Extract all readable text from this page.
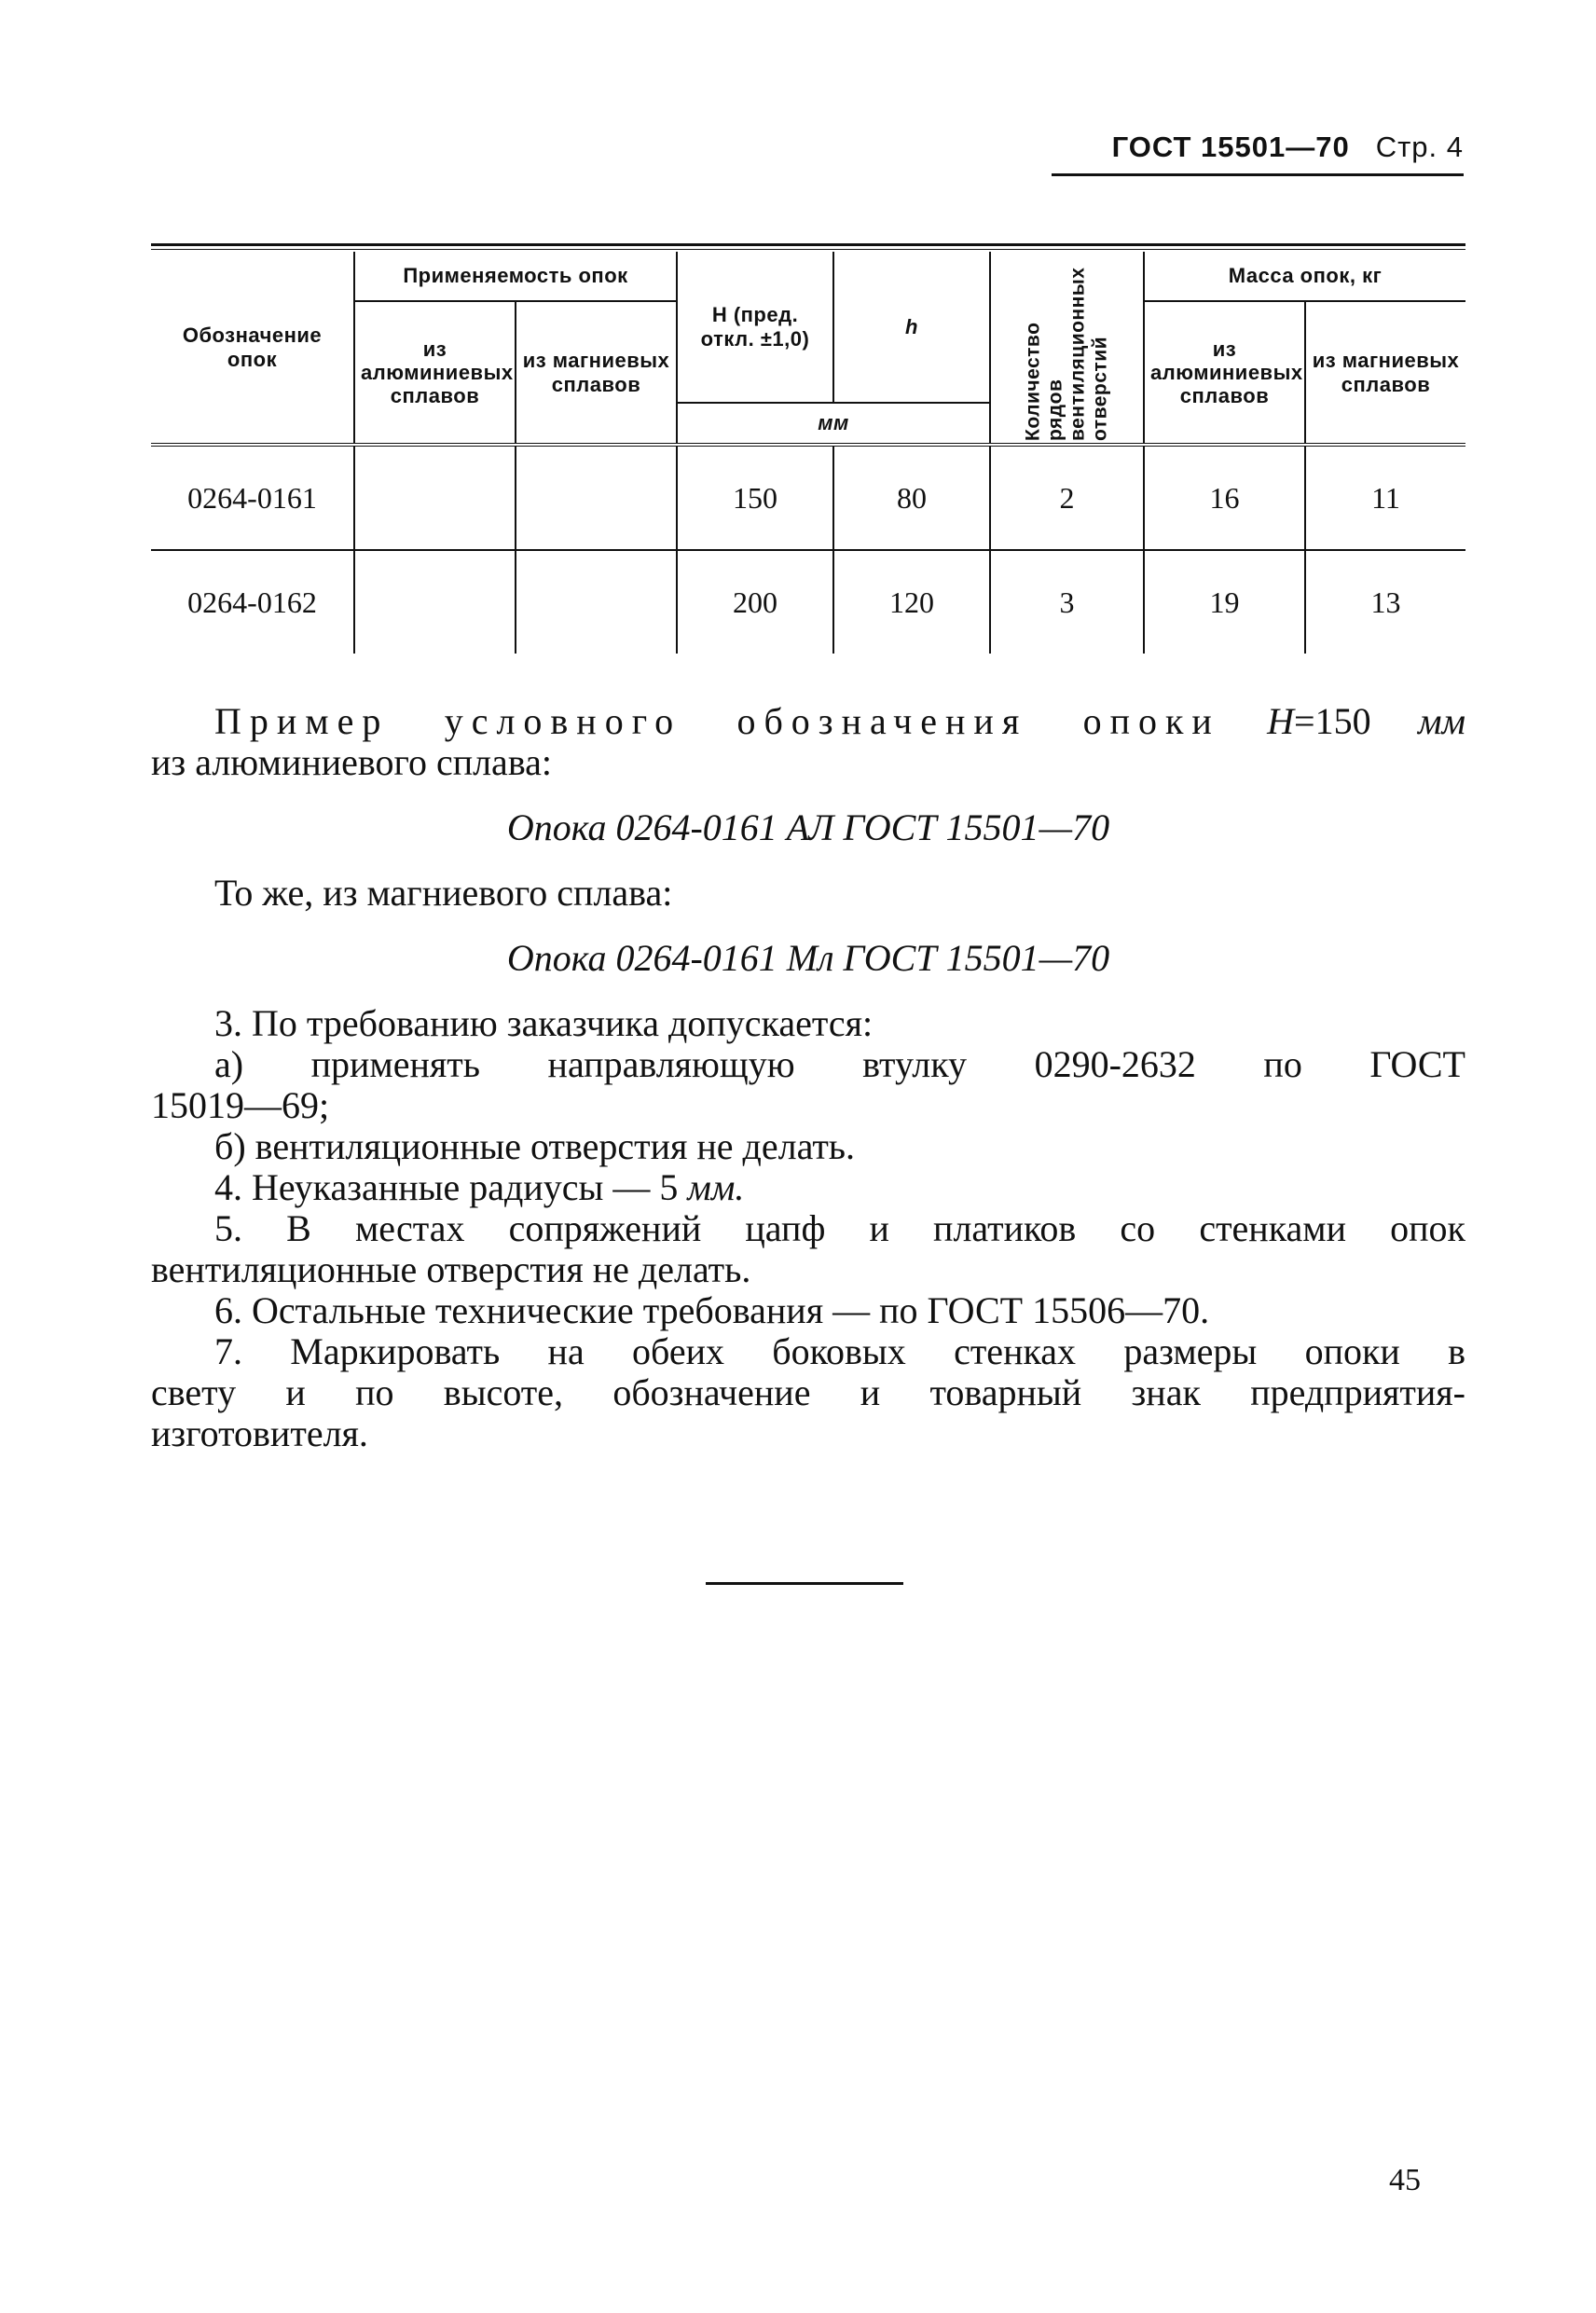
ГОСТ 15501—70 Стр. 4
Обозначение опок	Применяемость опок		Н (пред. откл. ±1,0)	h	Количество рядов вентиляционных отверстий	Масса опок, кг	
	из алюминиевых сплавов	из магниевых сплавов				из алюминиевых сплавов	из магниевых сплавов
			мм				
0264-0161			150	80	2	16	11
0264-0162			200	120	3	19	13

Пример условного обозначения опоки Н=150 мм

из алюминиевого сплава:

Опока 0264-0161 АЛ ГОСТ 15501—70

То же, из магниевого сплава:

Опока 0264-0161 Мл ГОСТ 15501—70

3. По требованию заказчика допускается:

а) применять направляющую втулку 0290-2632 по ГОСТ

15019—69;

б) вентиляционные отверстия не делать.

4. Неуказанные радиусы — 5 мм.

5. В местах сопряжений цапф и платиков со стенками опок

вентиляционные отверстия не делать.

6. Остальные технические требования — по ГОСТ 15506—70.

7. Маркировать на обеих боковых стенках размеры опоки в

свету и по высоте, обозначение и товарный знак предприятия-

изготовителя.

45
